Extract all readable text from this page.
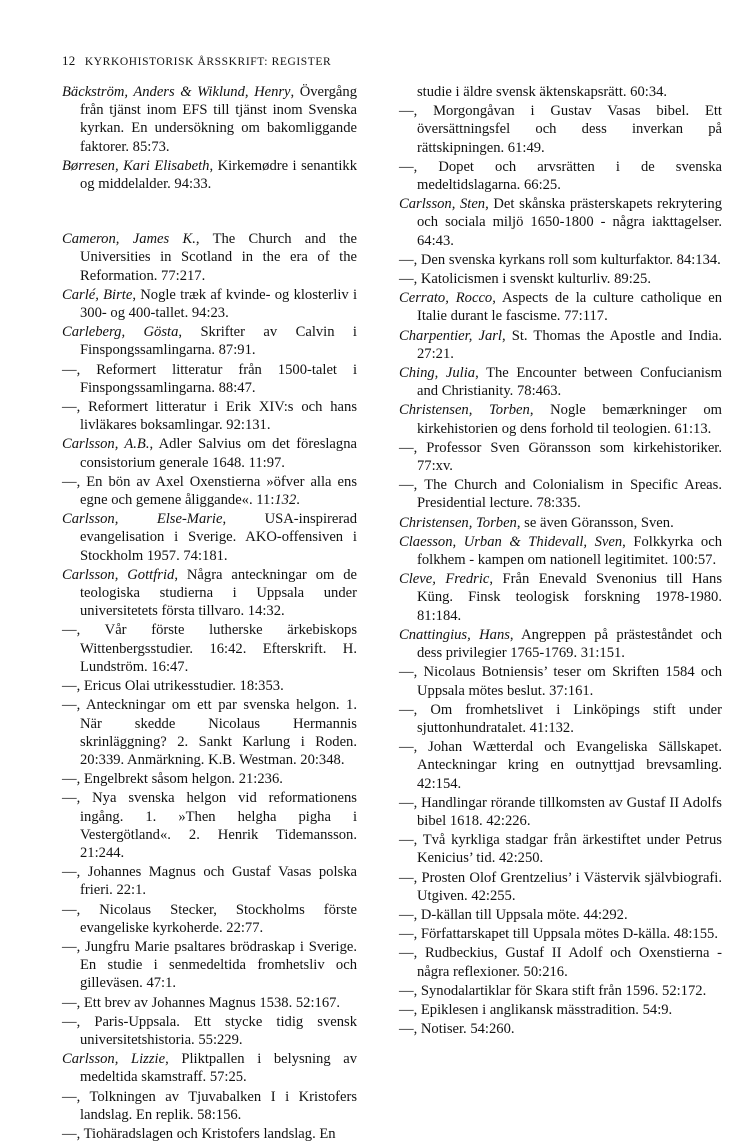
12 KYRKOHISTORISK ÅRSSKRIFT: REGISTER

Bäckström, Anders & Wiklund, Henry, Övergång från tjänst inom EFS till tjänst inom Svenska kyrkan. En undersökning om bakomliggande faktorer. 85:73.

Børresen, Kari Elisabeth, Kirkemødre i senantikk og middelalder. 94:33.

Cameron, James K., The Church and the Universities in Scotland in the era of the Reformation. 77:217.

Carlé, Birte, Nogle træk af kvinde- og klosterliv i 300- og 400-tallet. 94:23.

Carleberg, Gösta, Skrifter av Calvin i Finspongssamlingarna. 87:91.

—, Reformert litteratur från 1500-talet i Finspongssamlingarna. 88:47.

—, Reformert litteratur i Erik XIV:s och hans livläkares boksamlingar. 92:131.

Carlsson, A.B., Adler Salvius om det föreslagna consistorium generale 1648. 11:97.

—, En bön av Axel Oxenstierna »öfver alla ens egne och gemene åliggande«. 11:132.

Carlsson, Else-Marie, USA-inspirerad evangelisation i Sverige. AKO-offensiven i Stockholm 1957. 74:181.

Carlsson, Gottfrid, Några anteckningar om de teologiska studierna i Uppsala under universitetets första tillvaro. 14:32.

—, Vår förste lutherske ärkebiskops Wittenbergsstudier. 16:42. Efterskrift. H. Lundström. 16:47.

—, Ericus Olai utrikesstudier. 18:353.

—, Anteckningar om ett par svenska helgon. 1. När skedde Nicolaus Hermannis skrinläggning? 2. Sankt Karlung i Roden. 20:339. Anmärkning. K.B. Westman. 20:348.

—, Engelbrekt såsom helgon. 21:236.

—, Nya svenska helgon vid reformationens ingång. 1. »Then helgha pigha i Vestergötland«. 2. Henrik Tidemansson. 21:244.

—, Johannes Magnus och Gustaf Vasas polska frieri. 22:1.

—, Nicolaus Stecker, Stockholms förste evangeliske kyrkoherde. 22:77.

—, Jungfru Marie psaltares brödraskap i Sverige. En studie i senmedeltida fromhetsliv och gilleväsen. 47:1.

—, Ett brev av Johannes Magnus 1538. 52:167.

—, Paris-Uppsala. Ett stycke tidig svensk universitetshistoria. 55:229.

Carlsson, Lizzie, Pliktpallen i belysning av medeltida skamstraff. 57:25.

—, Tolkningen av Tjuvabalken I i Kristofers landslag. En replik. 58:156.

—, Tiohäradslagen och Kristofers landslag. En

studie i äldre svensk äktenskapsrätt. 60:34.

—, Morgongåvan i Gustav Vasas bibel. Ett översättningsfel och dess inverkan på rättskipningen. 61:49.

—, Dopet och arvsrätten i de svenska medeltidslagarna. 66:25.

Carlsson, Sten, Det skånska prästerskapets rekrytering och sociala miljö 1650-1800 - några iakttagelser. 64:43.

—, Den svenska kyrkans roll som kulturfaktor. 84:134.

—, Katolicismen i svenskt kulturliv. 89:25.

Cerrato, Rocco, Aspects de la culture catholique en Italie durant le fascisme. 77:117.

Charpentier, Jarl, St. Thomas the Apostle and India. 27:21.

Ching, Julia, The Encounter between Confucianism and Christianity. 78:463.

Christensen, Torben, Nogle bemærkninger om kirkehistorien og dens forhold til teologien. 61:13.

—, Professor Sven Göransson som kirkehistoriker. 77:xv.

—, The Church and Colonialism in Specific Areas. Presidential lecture. 78:335.

Christensen, Torben, se även Göransson, Sven.

Claesson, Urban & Thidevall, Sven, Folkkyrka och folkhem - kampen om nationell legitimitet. 100:57.

Cleve, Fredric, Från Enevald Svenonius till Hans Küng. Finsk teologisk forskning 1978-1980. 81:184.

Cnattingius, Hans, Angreppen på prästeståndet och dess privilegier 1765-1769. 31:151.

—, Nicolaus Botniensis’ teser om Skriften 1584 och Uppsala mötes beslut. 37:161.

—, Om fromhetslivet i Linköpings stift under sjuttonhundratalet. 41:132.

—, Johan Wætterdal och Evangeliska Sällskapet. Anteckningar kring en outnyttjad brevsamling. 42:154.

—, Handlingar rörande tillkomsten av Gustaf II Adolfs bibel 1618. 42:226.

—, Två kyrkliga stadgar från ärkestiftet under Petrus Kenicius’ tid. 42:250.

—, Prosten Olof Grentzelius’ i Västervik självbiografi. Utgiven. 42:255.

—, D-källan till Uppsala möte. 44:292.

—, Författarskapet till Uppsala mötes D-källa. 48:155.

—, Rudbeckius, Gustaf II Adolf och Oxenstierna - några reflexioner. 50:216.

—, Synodalartiklar för Skara stift från 1596. 52:172.

—, Epiklesen i anglikansk mässtradition. 54:9.

—, Notiser. 54:260.
